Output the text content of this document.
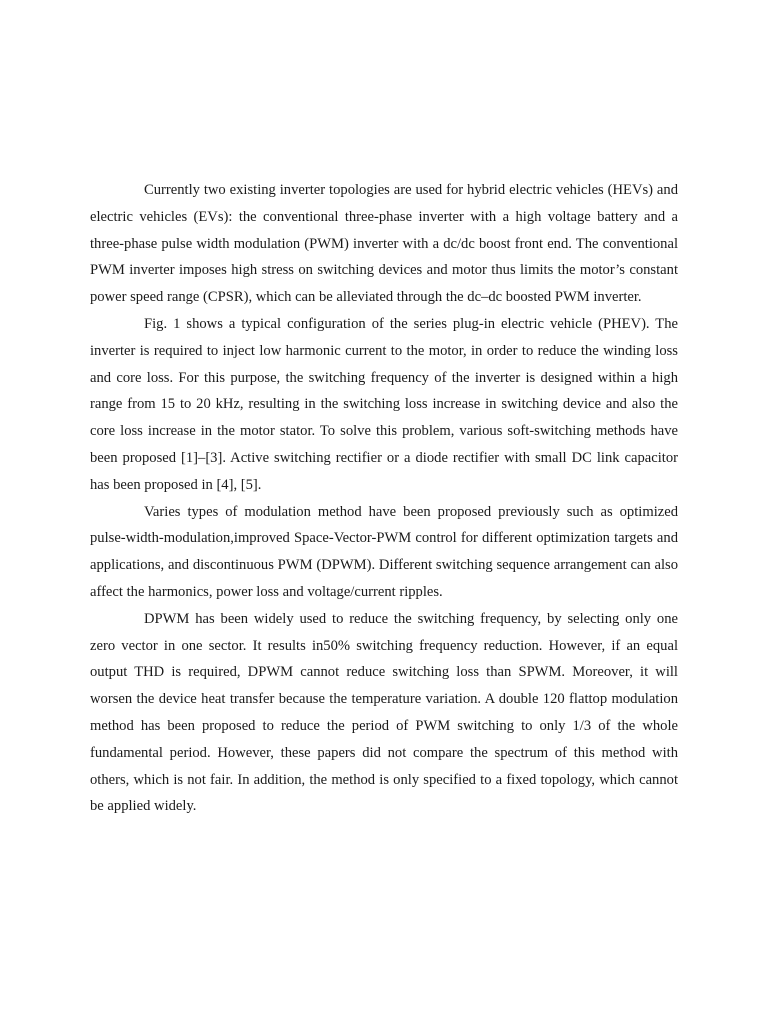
Currently two existing inverter topologies are used for hybrid electric vehicles (HEVs) and electric vehicles (EVs): the conventional three-phase inverter with a high voltage battery and a three-phase pulse width modulation (PWM) inverter with a dc/dc boost front end. The conventional PWM inverter imposes high stress on switching devices and motor thus limits the motor’s constant power speed range (CPSR), which can be alleviated through the dc–dc boosted PWM inverter.

Fig. 1 shows a typical configuration of the series plug-in electric vehicle (PHEV). The inverter is required to inject low harmonic current to the motor, in order to reduce the winding loss and core loss. For this purpose, the switching frequency of the inverter is designed within a high range from 15 to 20 kHz, resulting in the switching loss increase in switching device and also the core loss increase in the motor stator. To solve this problem, various soft-switching methods have been proposed [1]–[3]. Active switching rectifier or a diode rectifier with small DC link capacitor has been proposed in [4], [5].

Varies types of modulation method have been proposed previously such as optimized pulse-width-modulation,improved Space-Vector-PWM control for different optimization targets and applications, and discontinuous PWM (DPWM). Different switching sequence arrangement can also affect the harmonics, power loss and voltage/current ripples.

DPWM has been widely used to reduce the switching frequency, by selecting only one zero vector in one sector. It results in50% switching frequency reduction. However, if an equal output THD is required, DPWM cannot reduce switching loss than SPWM. Moreover, it will worsen the device heat transfer because the temperature variation. A double 120 flattop modulation method has been proposed to reduce the period of PWM switching to only 1/3 of the whole fundamental period. However, these papers did not compare the spectrum of this method with others, which is not fair. In addition, the method is only specified to a fixed topology, which cannot be applied widely.
